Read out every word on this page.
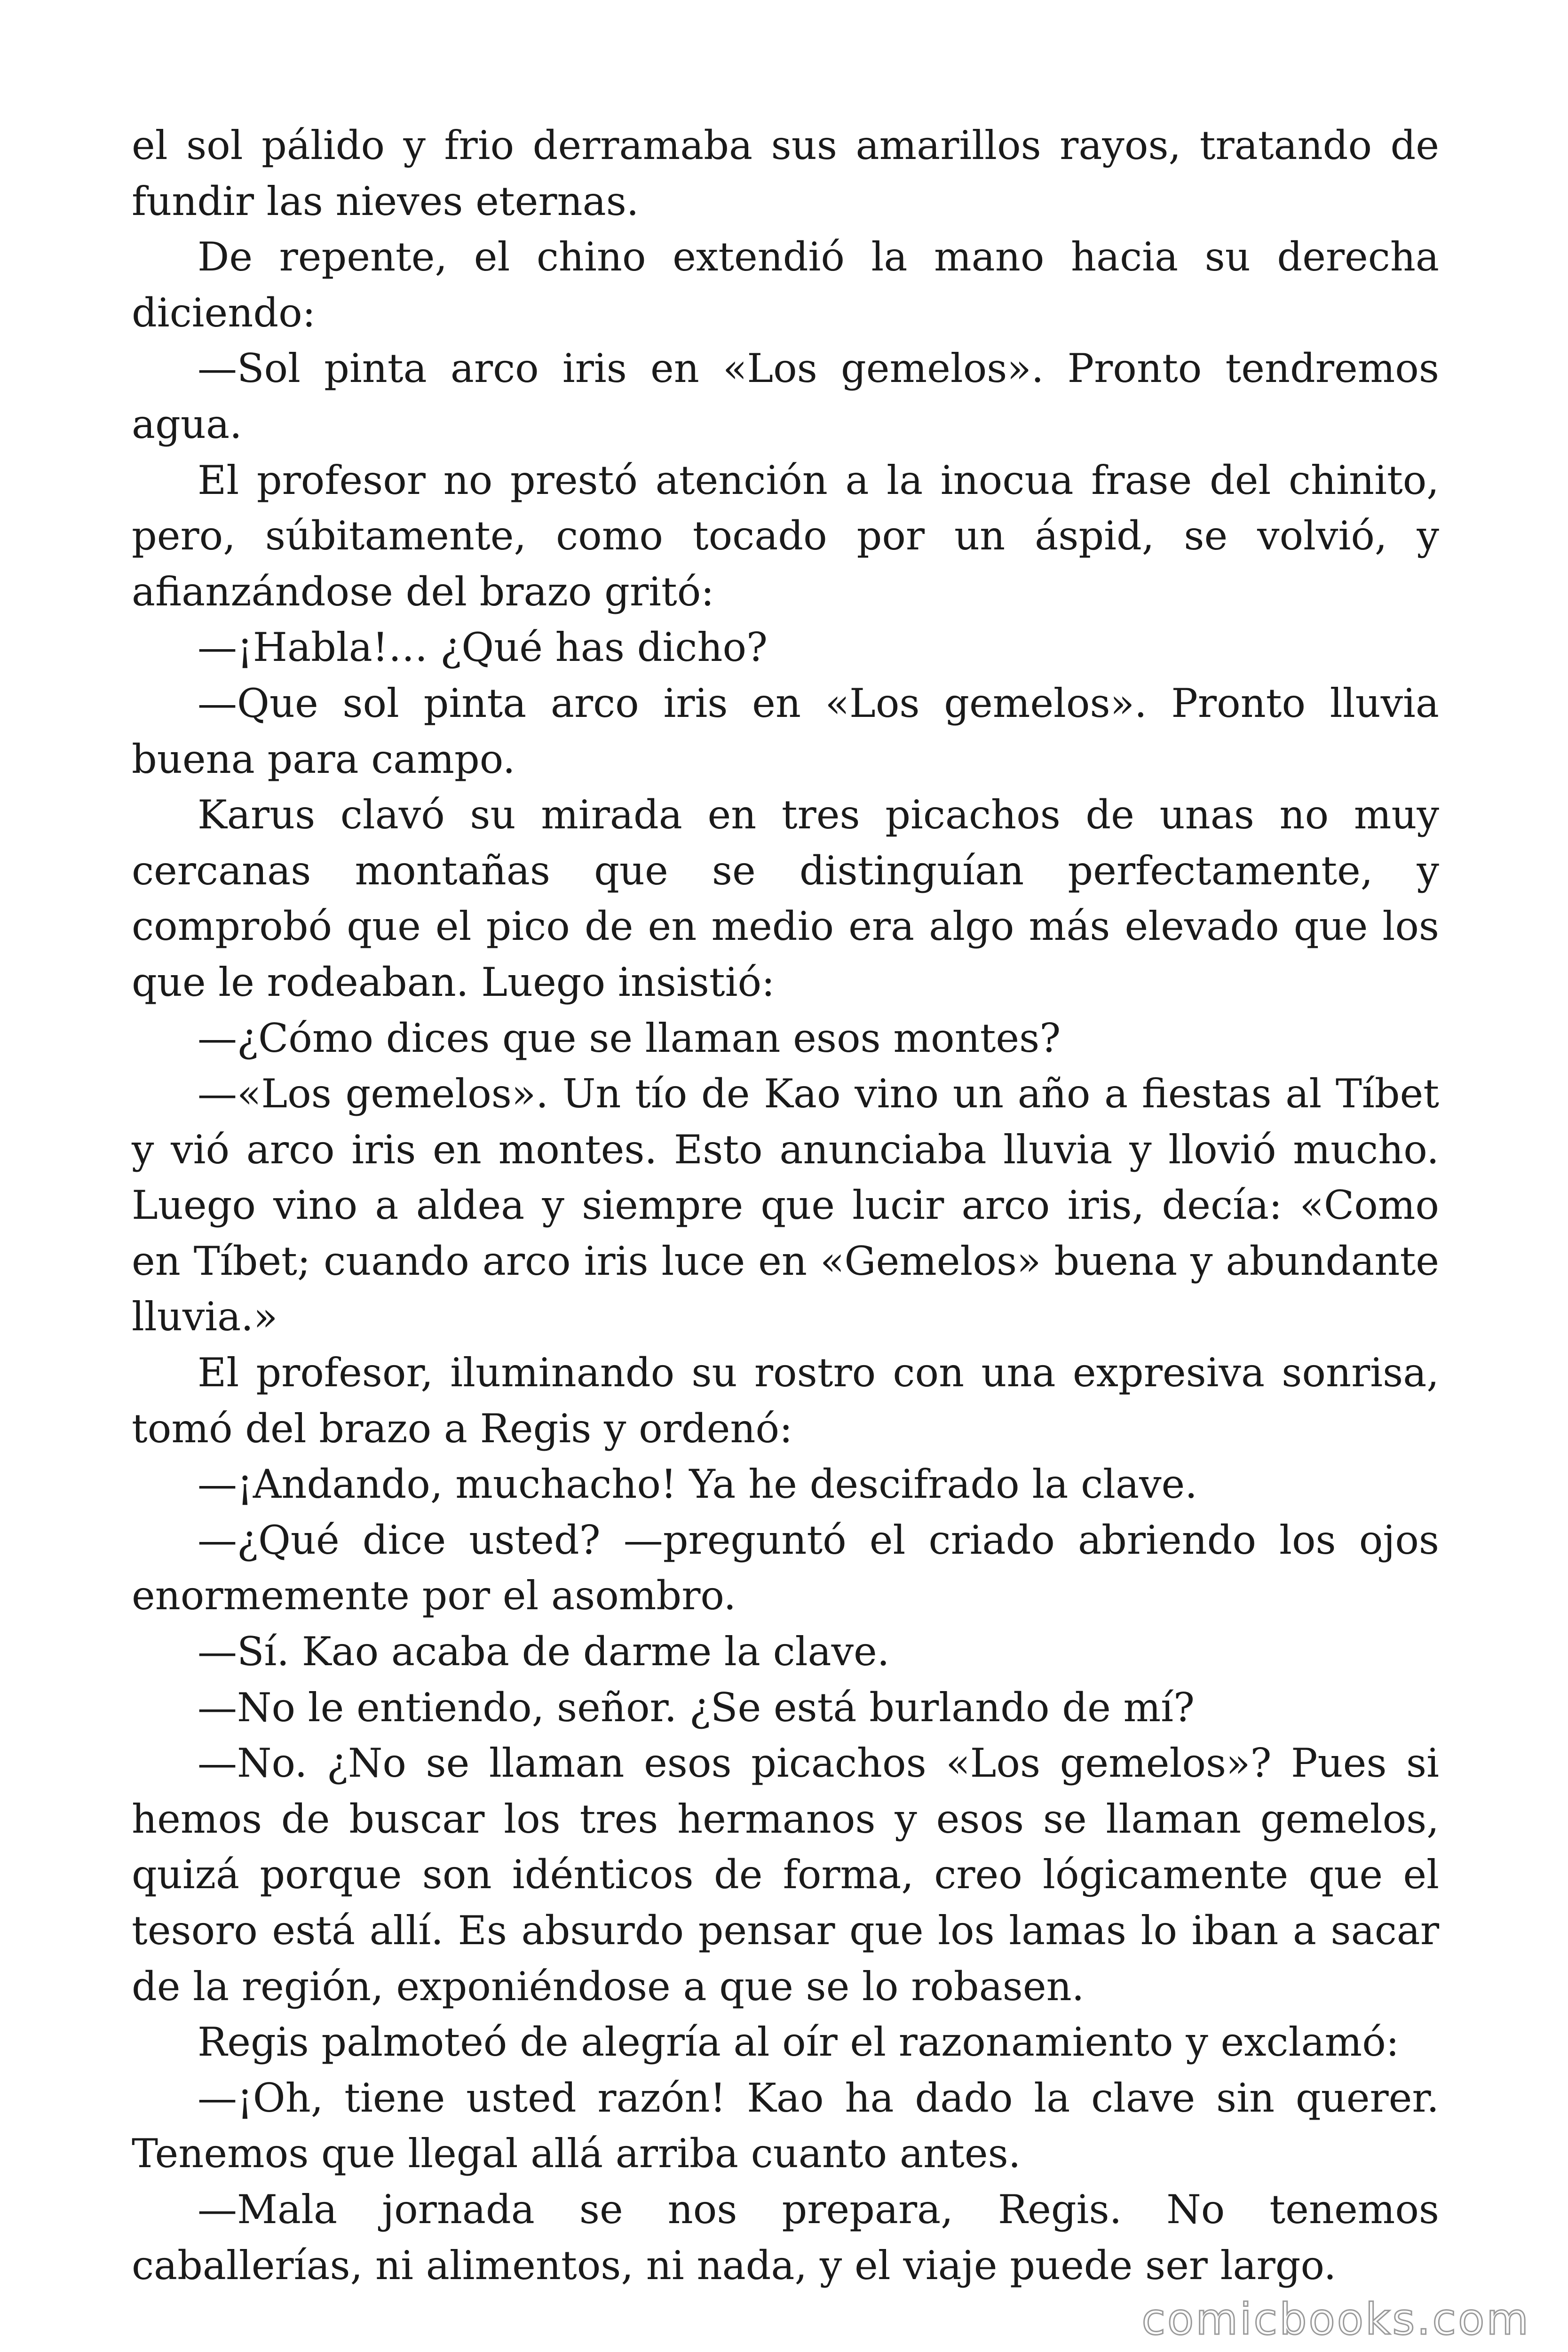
el sol pálido y frio derramaba sus amarillos rayos, tratando de fundir las nieves eternas.

De repente, el chino extendió la mano hacia su derecha diciendo:

—Sol pinta arco iris en «Los gemelos». Pronto tendremos agua.

El profesor no prestó atención a la inocua frase del chinito, pero, súbitamente, como tocado por un áspid, se volvió, y afianzándose del brazo gritó:

—¡Habla!… ¿Qué has dicho?

—Que sol pinta arco iris en «Los gemelos». Pronto lluvia buena para campo.

Karus clavó su mirada en tres picachos de unas no muy cercanas montañas que se distinguían perfectamente, y comprobó que el pico de en medio era algo más elevado que los que le rodeaban. Luego insistió:

—¿Cómo dices que se llaman esos montes?

—«Los gemelos». Un tío de Kao vino un año a fiestas al Tíbet y vió arco iris en montes. Esto anunciaba lluvia y llovió mucho. Luego vino a aldea y siempre que lucir arco iris, decía: «Como en Tíbet; cuando arco iris luce en «Gemelos» buena y abundante lluvia.»

El profesor, iluminando su rostro con una expresiva sonrisa, tomó del brazo a Regis y ordenó:

—¡Andando, muchacho! Ya he descifrado la clave.

—¿Qué dice usted? —preguntó el criado abriendo los ojos enormemente por el asombro.

—Sí. Kao acaba de darme la clave.

—No le entiendo, señor. ¿Se está burlando de mí?

—No. ¿No se llaman esos picachos «Los gemelos»? Pues si hemos de buscar los tres hermanos y esos se llaman gemelos, quizá porque son idénticos de forma, creo lógicamente que el tesoro está allí. Es absurdo pensar que los lamas lo iban a sacar de la región, exponiéndose a que se lo robasen.

Regis palmoteó de alegría al oír el razonamiento y exclamó:

—¡Oh, tiene usted razón! Kao ha dado la clave sin querer. Tenemos que llegal allá arriba cuanto antes.

—Mala jornada se nos prepara, Regis. No tenemos caballerías, ni alimentos, ni nada, y el viaje puede ser largo.

comicbooks.com
